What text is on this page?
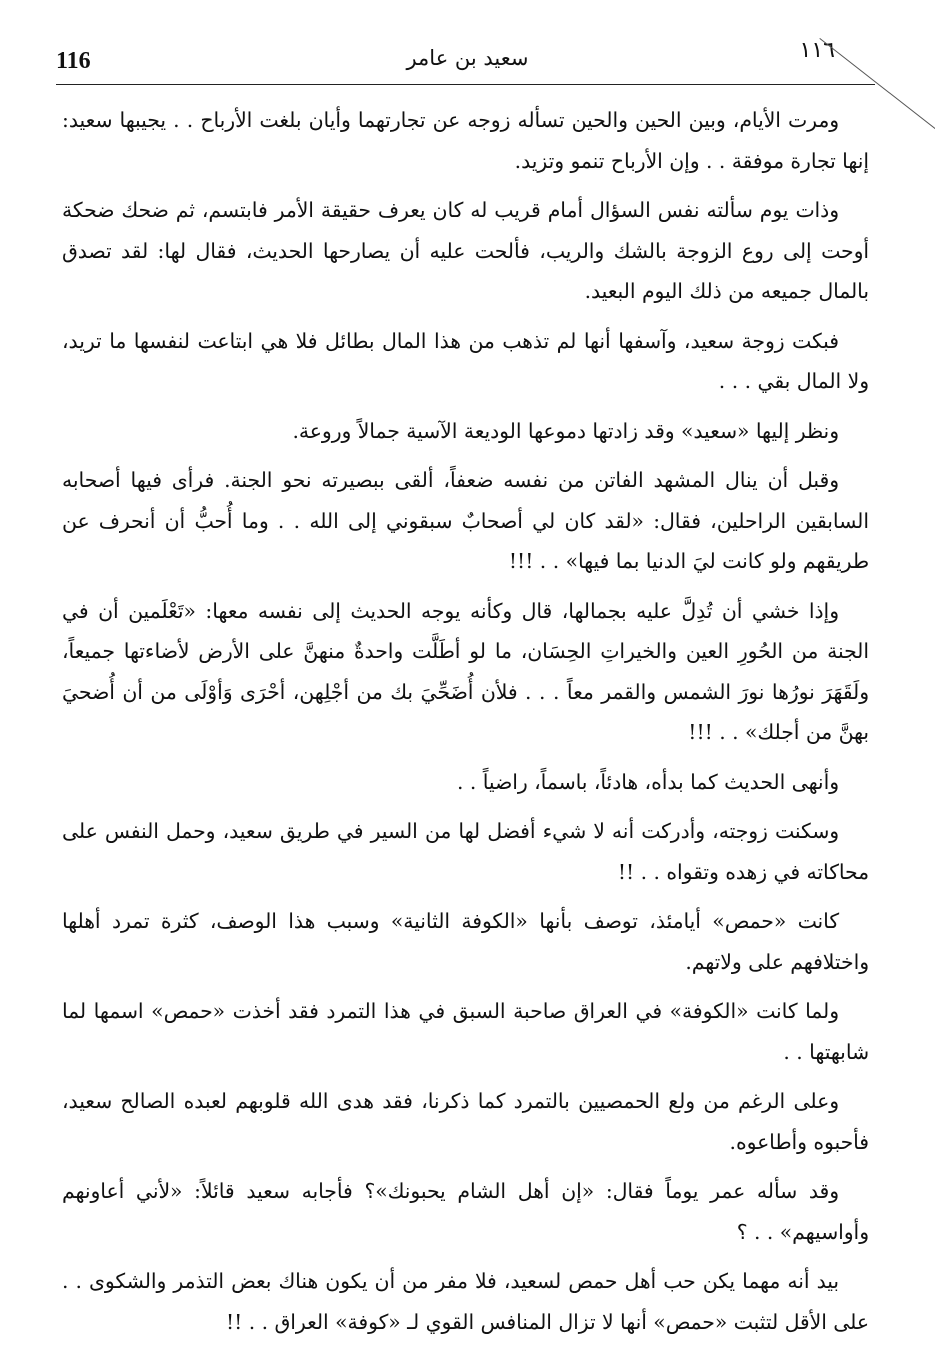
116	سعيد بن عامر	١١٦

ومرت الأيام، وبين الحين والحين تسأله زوجه عن تجارتهما وأيان بلغت الأرباح . . يجيبها سعيد: إنها تجارة موفقة . . وإن الأرباح تنمو وتزيد.

وذات يوم سألته نفس السؤال أمام قريب له كان يعرف حقيقة الأمر فابتسم، ثم ضحك ضحكة أوحت إلى روع الزوجة بالشك والريب، فألحت عليه أن يصارحها الحديث، فقال لها: لقد تصدق بالمال جميعه من ذلك اليوم البعيد.

فبكت زوجة سعيد، وآسفها أنها لم تذهب من هذا المال بطائل فلا هي ابتاعت لنفسها ما تريد، ولا المال بقي . . .

ونظر إليها «سعيد» وقد زادتها دموعها الوديعة الآسية جمالاً وروعة.

وقبل أن ينال المشهد الفاتن من نفسه ضعفاً، ألقى ببصيرته نحو الجنة. فرأى فيها أصحابه السابقين الراحلين، فقال: «لقد كان لي أصحابٌ سبقوني إلى الله . . وما أُحبُّ أن أنحرف عن طريقهم ولو كانت ليَ الدنيا بما فيها» . . !!!

وإذا خشي أن تُدِلَّ عليه بجمالها، قال وكأنه يوجه الحديث إلى نفسه معها: «تَعْلَمين أن في الجنة من الحُورِ العين والخيراتِ الحِسَان، ما لو أطَلَّت واحدةٌ منهنَّ على الأرض لأضاءتها جميعاً، ولَقَهَرَ نورُها نورَ الشمس والقمر معاً . . . فلأن أُضَحِّيَ بك من أجْلِهن، أحْرَى وَأوْلَى من أن أُضحيَ بهنَّ من أجلك» . . !!!

وأنهى الحديث كما بدأه، هادئاً، باسماً، راضياً . .

وسكنت زوجته، وأدركت أنه لا شيء أفضل لها من السير في طريق سعيد، وحمل النفس على محاكاته في زهده وتقواه . . !!

كانت «حمص» أيامئذ، توصف بأنها «الكوفة الثانية» وسبب هذا الوصف، كثرة تمرد أهلها واختلافهم على ولاتهم.

ولما كانت «الكوفة» في العراق صاحبة السبق في هذا التمرد فقد أخذت «حمص» اسمها لما شابهتها . .

وعلى الرغم من ولع الحمصيين بالتمرد كما ذكرنا، فقد هدى الله قلوبهم لعبده الصالح سعيد، فأحبوه وأطاعوه.

وقد سأله عمر يوماً فقال: «إن أهل الشام يحبونك»؟ فأجابه سعيد قائلاً: «لأني أعاونهم وأواسيهم» . . ؟

بيد أنه مهما يكن حب أهل حمص لسعيد، فلا مفر من أن يكون هناك بعض التذمر والشكوى . . على الأقل لتثبت «حمص» أنها لا تزال المنافس القوي لـ «كوفة» العراق . . !!
